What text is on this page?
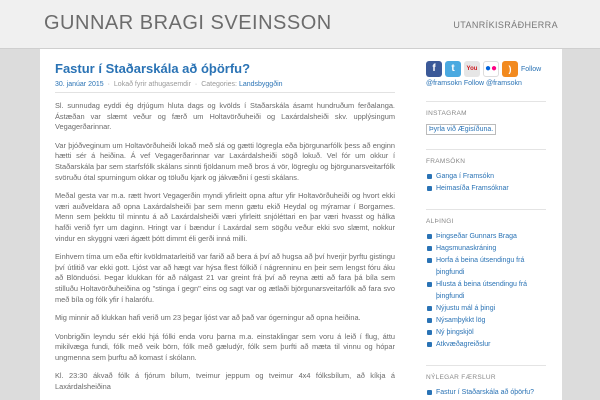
GUNNAR BRAGI SVEINSSON	UTANRÍKISRÁÐHERRA
Fastur í Staðarskála að óþörfu?
30. janúar 2015 · Lokað fyrir athugasemdir · Categories: Landsbyggðin

Sl. sunnudag eyddi ég drjúgum hluta dags og kvölds í Staðarskála ásamt hundruðum ferðalanga. Ástæðan var slæmt veður og færð um Holtavörðuheiði og Laxárdalsheiði skv. upplýsingum Vegagerðarinnar.

Var þjóðveginum um Holtavörðuheiði lokað með slá og gætti lögregla eða björgunarfólk þess að enginn hætti sér á heiðina. Á vef Vegagerðarinnar var Laxárdalsheiði sögð lokuð. Vel fór um okkur í Staðarskála þar sem starfsfólk skálans sinnti fjöldanum með bros á vör, lögreglu og björgunarsveitarfólk svöruðu ótal spurningum okkar og töluðu kjark og jákvæðni í gesti skálans.

Meðal gesta var m.a. rætt hvort Vegagerðin myndi yfirleitt opna aftur yfir Holtavörðuheiði og hvort ekki væri auðveldara að opna Laxárdalsheiði þar sem menn gætu ekið Heydal og mýrarnar í Borgarnes. Menn sem þekktu til minntu á að Laxárdalsheiði væri yfirleitt snjóléttari en þar væri hvasst og hálka hafði verið fyrr um daginn. Hringt var í bændur í Laxárdal sem sögðu veður ekki svo slæmt, nokkur vindur en skyggni væri ágætt þótt dimmt éli gerði inná milli.

Einhvern tíma um eða eftir kvöldmatarleitið var farið að bera á því að hugsa að því hverjir þyrftu gistingu því útlitið var ekki gott. Ljóst var að hægt var hýsa flest fólkið í nágrenninu en þeir sem lengst fóru áku að Blönduósi. Þegar klukkan fór að nálgast 21 var greint frá því að reyna ætti að fara þá bíla sem stilluðu Holtavörðuheiðina og "stinga í gegn" eins og sagt var og ætlaði björgunarsveitarfólk að fara svo með bíla og fólk yfir í halarófu.

Mig minnir að klukkan hafi verið um 23 þegar ljóst var að það var ógerningur að opna heiðina.

Vonbrigðin leyndu sér ekki hjá fólki enda voru þarna m.a. einstaklingar sem voru á leið í flug, áttu mikilvæga fundi, fólk með veik börn, fólk með gæludýr, fólk sem þurfti að mæta til vinnu og hópar ungmenna sem þurftu að komast í skólann.

Kl. 23:30 ákvað fólk á fjórum bílum, tveimur jeppum og tveimur 4x4 fólksbílum, að kíkja á Laxárdalsheiðina

f	t	You ●●	)	Follow
@framsokn Follow @framsokn
INSTAGRAM
Þyrla við Ægisíðuna.
FRAMSÓKN
Ganga í Framsókn
Heimasíða Framsóknar
ALÞINGI
Þingseðar Gunnars Braga
Hagsmunaskráning
Horfa á beina útsendingu frá þingfundi
Hlusta á beina útsendingu frá þingfundi
Nýjustu mál á þingi
Nýsamþykkt lög
Ný þingskjöl
Atkvæðagreiðslur
NÝLEGAR FÆRSLUR
Fastur í Staðarskála að óþörfu?
